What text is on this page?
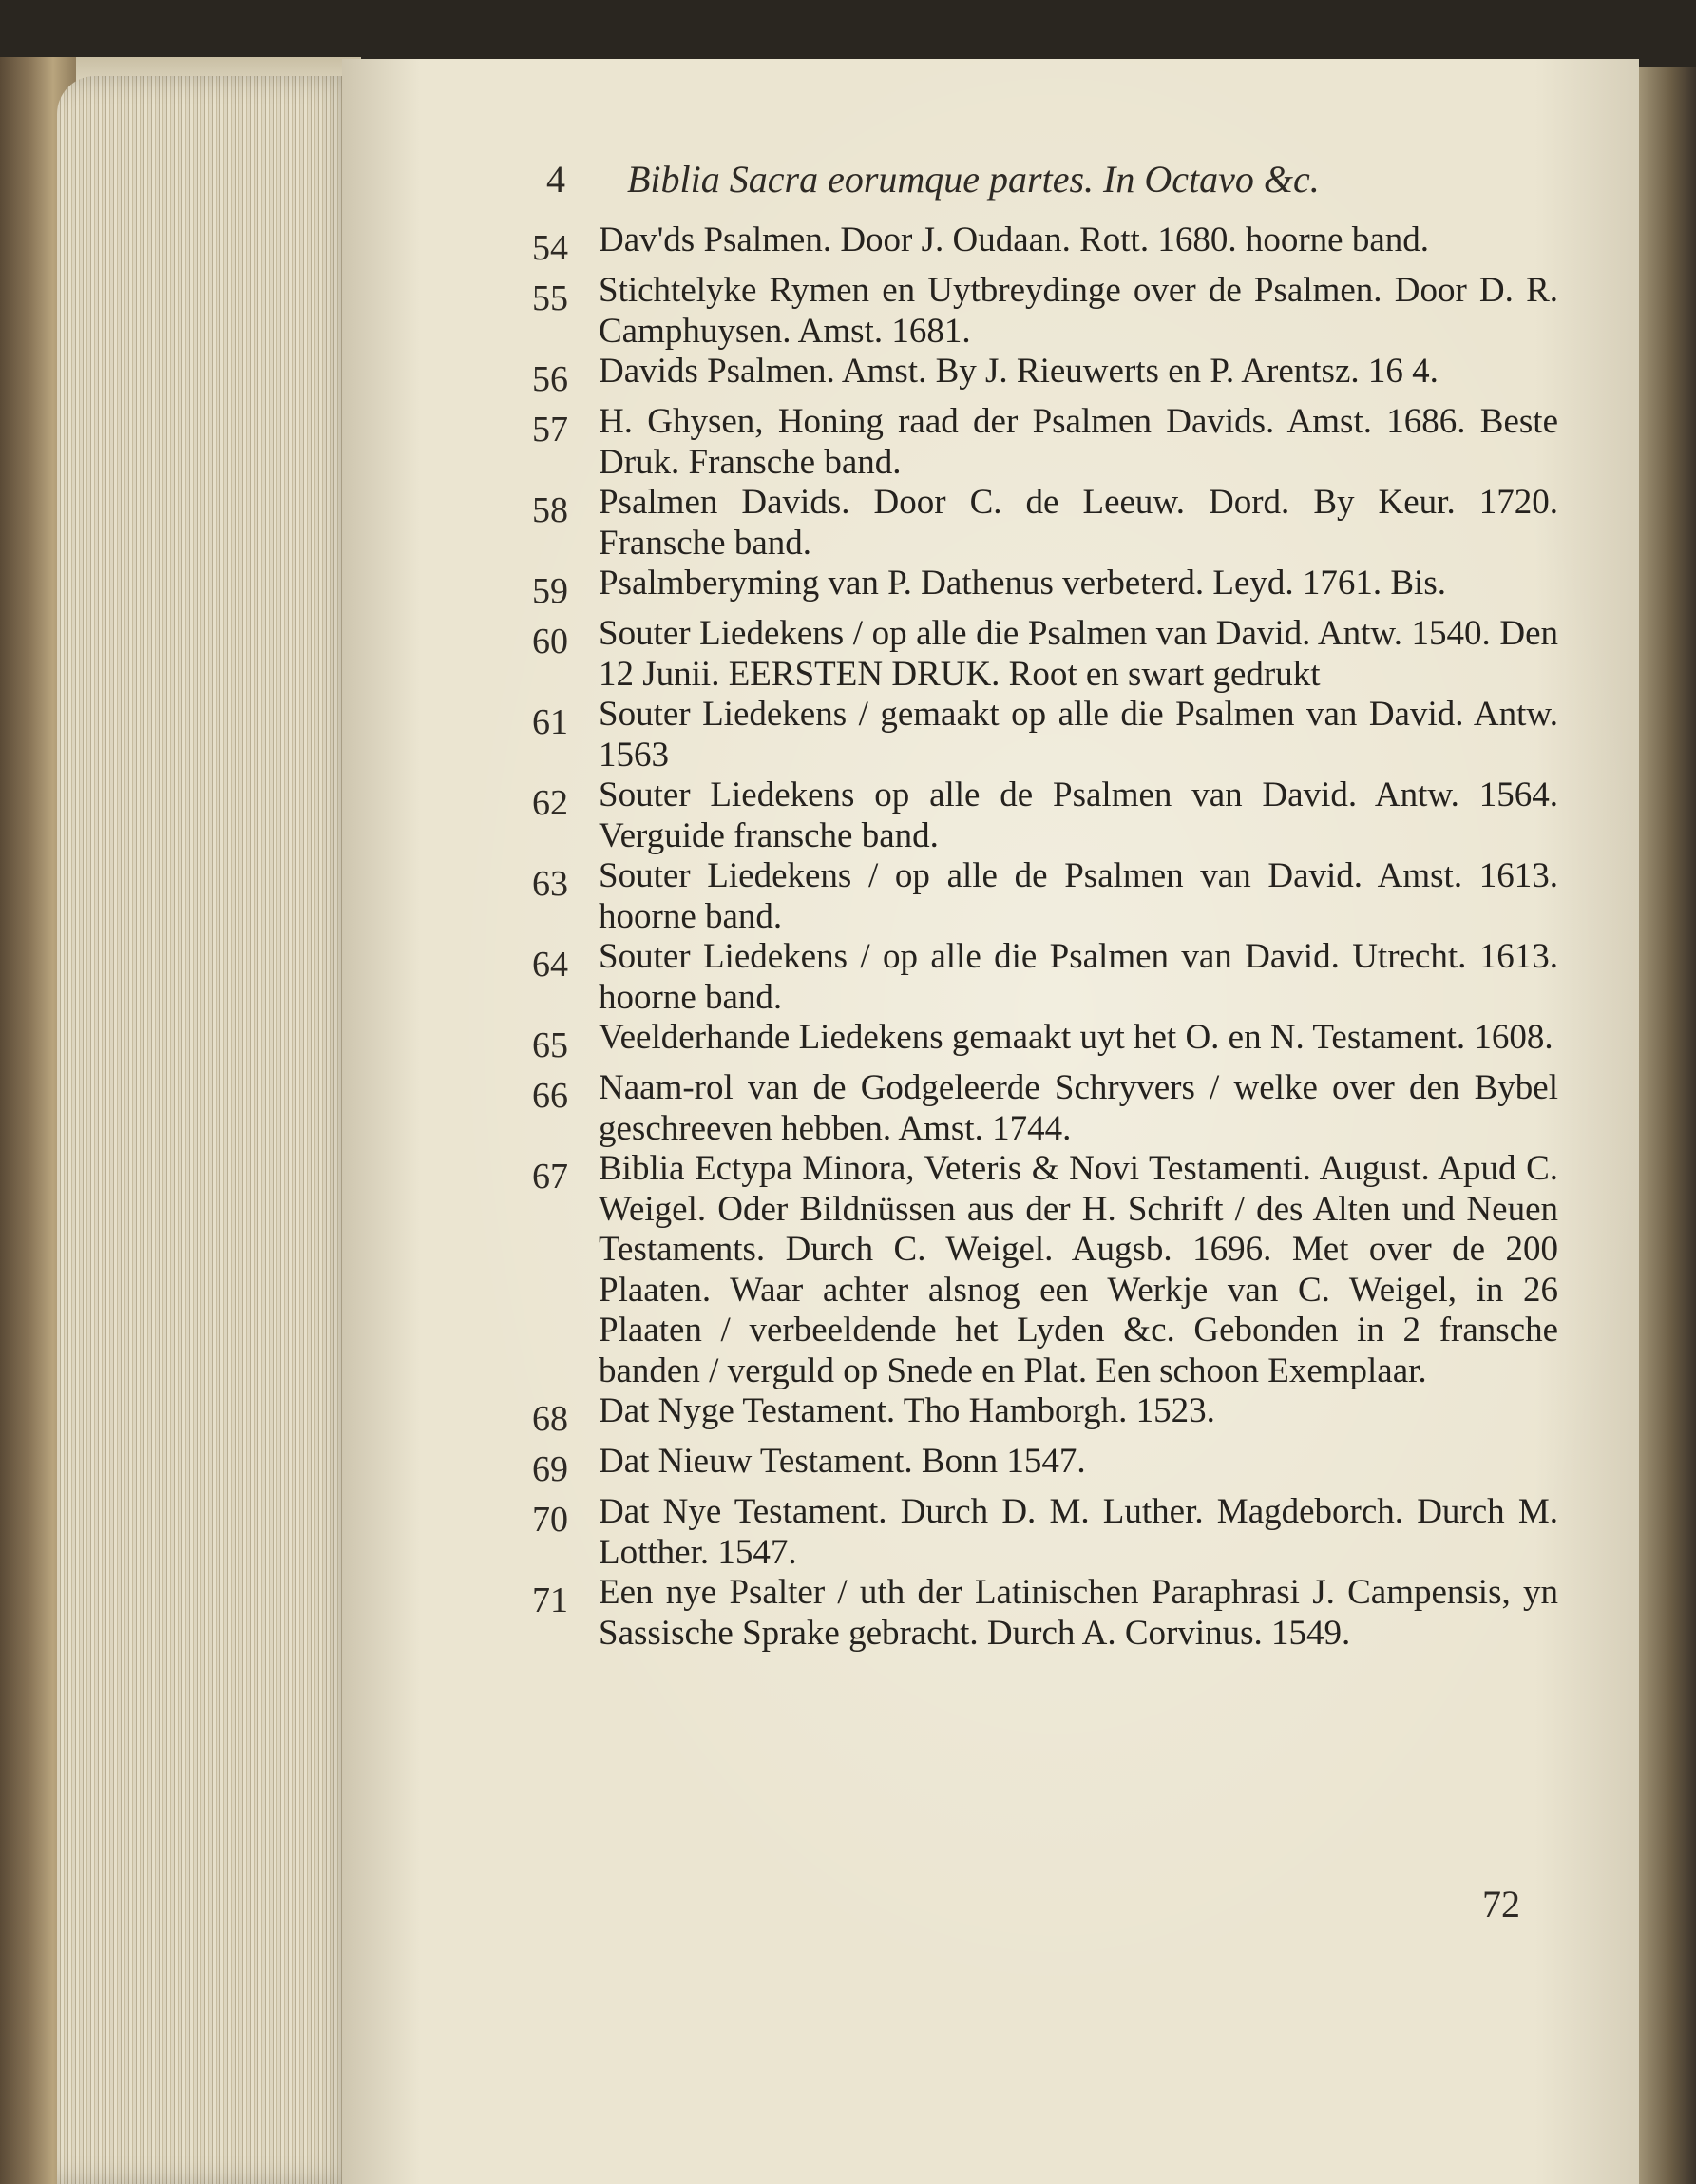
4 Biblia Sacra eorumque partes. In Octavo &c.
54 Dav'ds Psalmen. Door J. Oudaan. Rott. 1680. hoorne band.
55 Stichtelyke Rymen en Uytbreydinge over de Psalmen. Door D. R. Camphuysen. Amst. 1681.
56 Davids Psalmen. Amst. By J. Rieuwerts en P. Arentsz. 16 4.
57 H. Ghysen, Honing raad der Psalmen Davids. Amst. 1686. Beste Druk. Fransche band.
58 Psalmen Davids. Door C. de Leeuw. Dord. By Keur. 1720. Fransche band.
59 Psalmberyming van P. Dathenus verbeterd. Leyd. 1761. Bis.
60 Souter Liedekens / op alle die Psalmen van David. Antw. 1540. Den 12 Junii. EERSTEN DRUK. Root en swart gedrukt
61 Souter Liedekens / gemaakt op alle die Psalmen van David. Antw. 1563
62 Souter Liedekens op alle de Psalmen van David. Antw. 1564. Verguide fransche band.
63 Souter Liedekens / op alle de Psalmen van David. Amst. 1613. hoorne band.
64 Souter Liedekens / op alle die Psalmen van David. Utrecht. 1613. hoorne band.
65 Veelderhande Liedekens gemaakt uyt het O. en N. Testament. 1608.
66 Naam-rol van de Godgeleerde Schryvers / welke over den Bybel geschreeven hebben. Amst. 1744.
67 Biblia Ectypa Minora, Veteris & Novi Testamenti. August. Apud C. Weigel. Oder Bildnüssen aus der H. Schrift / des Alten und Neuen Testaments. Durch C. Weigel. Augsb. 1696. Met over de 200 Plaaten. Waar achter alsnog een Werkje van C. Weigel, in 26 Plaaten / verbeeldende het Lyden &c. Gebonden in 2 fransche banden / verguld op Snede en Plat. Een schoon Exemplaar.
68 Dat Nyge Testament. Tho Hamborgh. 1523.
69 Dat Nieuw Testament. Bonn 1547.
70 Dat Nye Testament. Durch D. M. Luther. Magdeborch. Durch M. Lotther. 1547.
71 Een nye Psalter / uth der Latinischen Paraphrasi J. Campensis, yn Sassische Sprake gebracht. Durch A. Corvinus. 1549.
72
